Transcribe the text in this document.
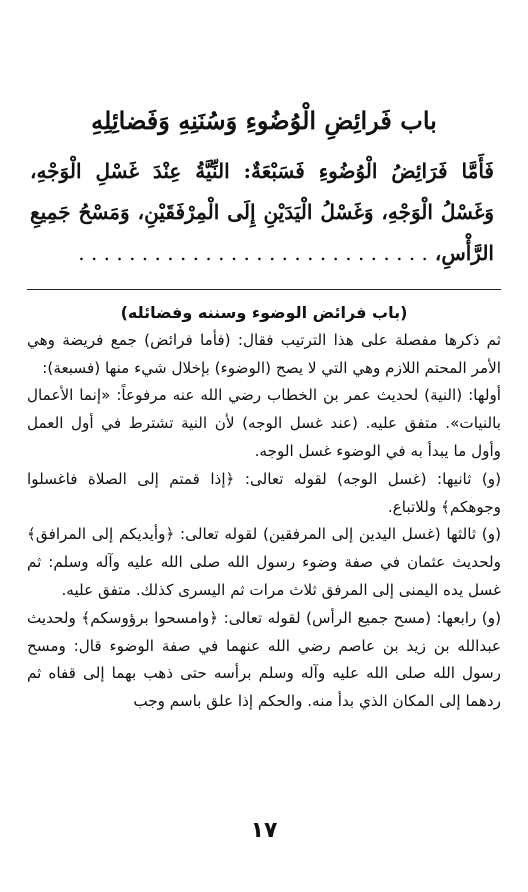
باب فَرائِضِ الْوُضُوءِ وَسُنَنِهِ وَفَضائِلِهِ
فَأَمَّا فَرَائِضُ الْوُضُوءِ فَسَبْعَةٌ: النِّيَّةُ عِنْدَ غَسْلِ الْوَجْهِ، وَغَسْلُ الْوَجْهِ، وَغَسْلُ الْيَدَيْنِ إِلَى الْمِرْفَقَيْنِ، وَمَسْحُ جَمِيعِ الرَّأْسِ، . . . . . . . . . . . . . . . . . . . . . . . . . . . .

(باب فرائض الوضوء وسننه وفضائله)

ثم ذكرها مفصلة على هذا الترتيب فقال: (فأما فرائض) جمع فريضة وهي الأمر المحتم اللازم وهي التي لا يصح (الوضوء) بإخلال شيء منها (فسبعة):

أولها: (النية) لحديث عمر بن الخطاب رضي الله عنه مرفوعاً: «إنما الأعمال بالنيات». متفق عليه. (عند غسل الوجه) لأن النية تشترط في أول العمل وأول ما يبدأ به في الوضوء غسل الوجه.

(و) ثانيها: (غسل الوجه) لقوله تعالى: ﴿إذا قمتم إلى الصلاة فاغسلوا وجوهكم﴾ وللاتباع.

(و) ثالثها (غسل اليدين إلى المرفقين) لقوله تعالى: ﴿وأيديكم إلى المرافق﴾ ولحديث عثمان في صفة وضوء رسول الله صلى الله عليه وآله وسلم: ثم غسل يده اليمنى إلى المرفق ثلاث مرات ثم اليسرى كذلك. متفق عليه.

(و) رابعها: (مسح جميع الرأس) لقوله تعالى: ﴿وامسحوا برؤوسكم﴾ ولحديث عبدالله بن زيد بن عاصم رضي الله عنهما في صفة الوضوء قال: ومسح رسول الله صلى الله عليه وآله وسلم برأسه حتى ذهب بهما إلى قفاه ثم ردهما إلى المكان الذي بدأ منه. والحكم إذا علق باسم وجب

١٧
